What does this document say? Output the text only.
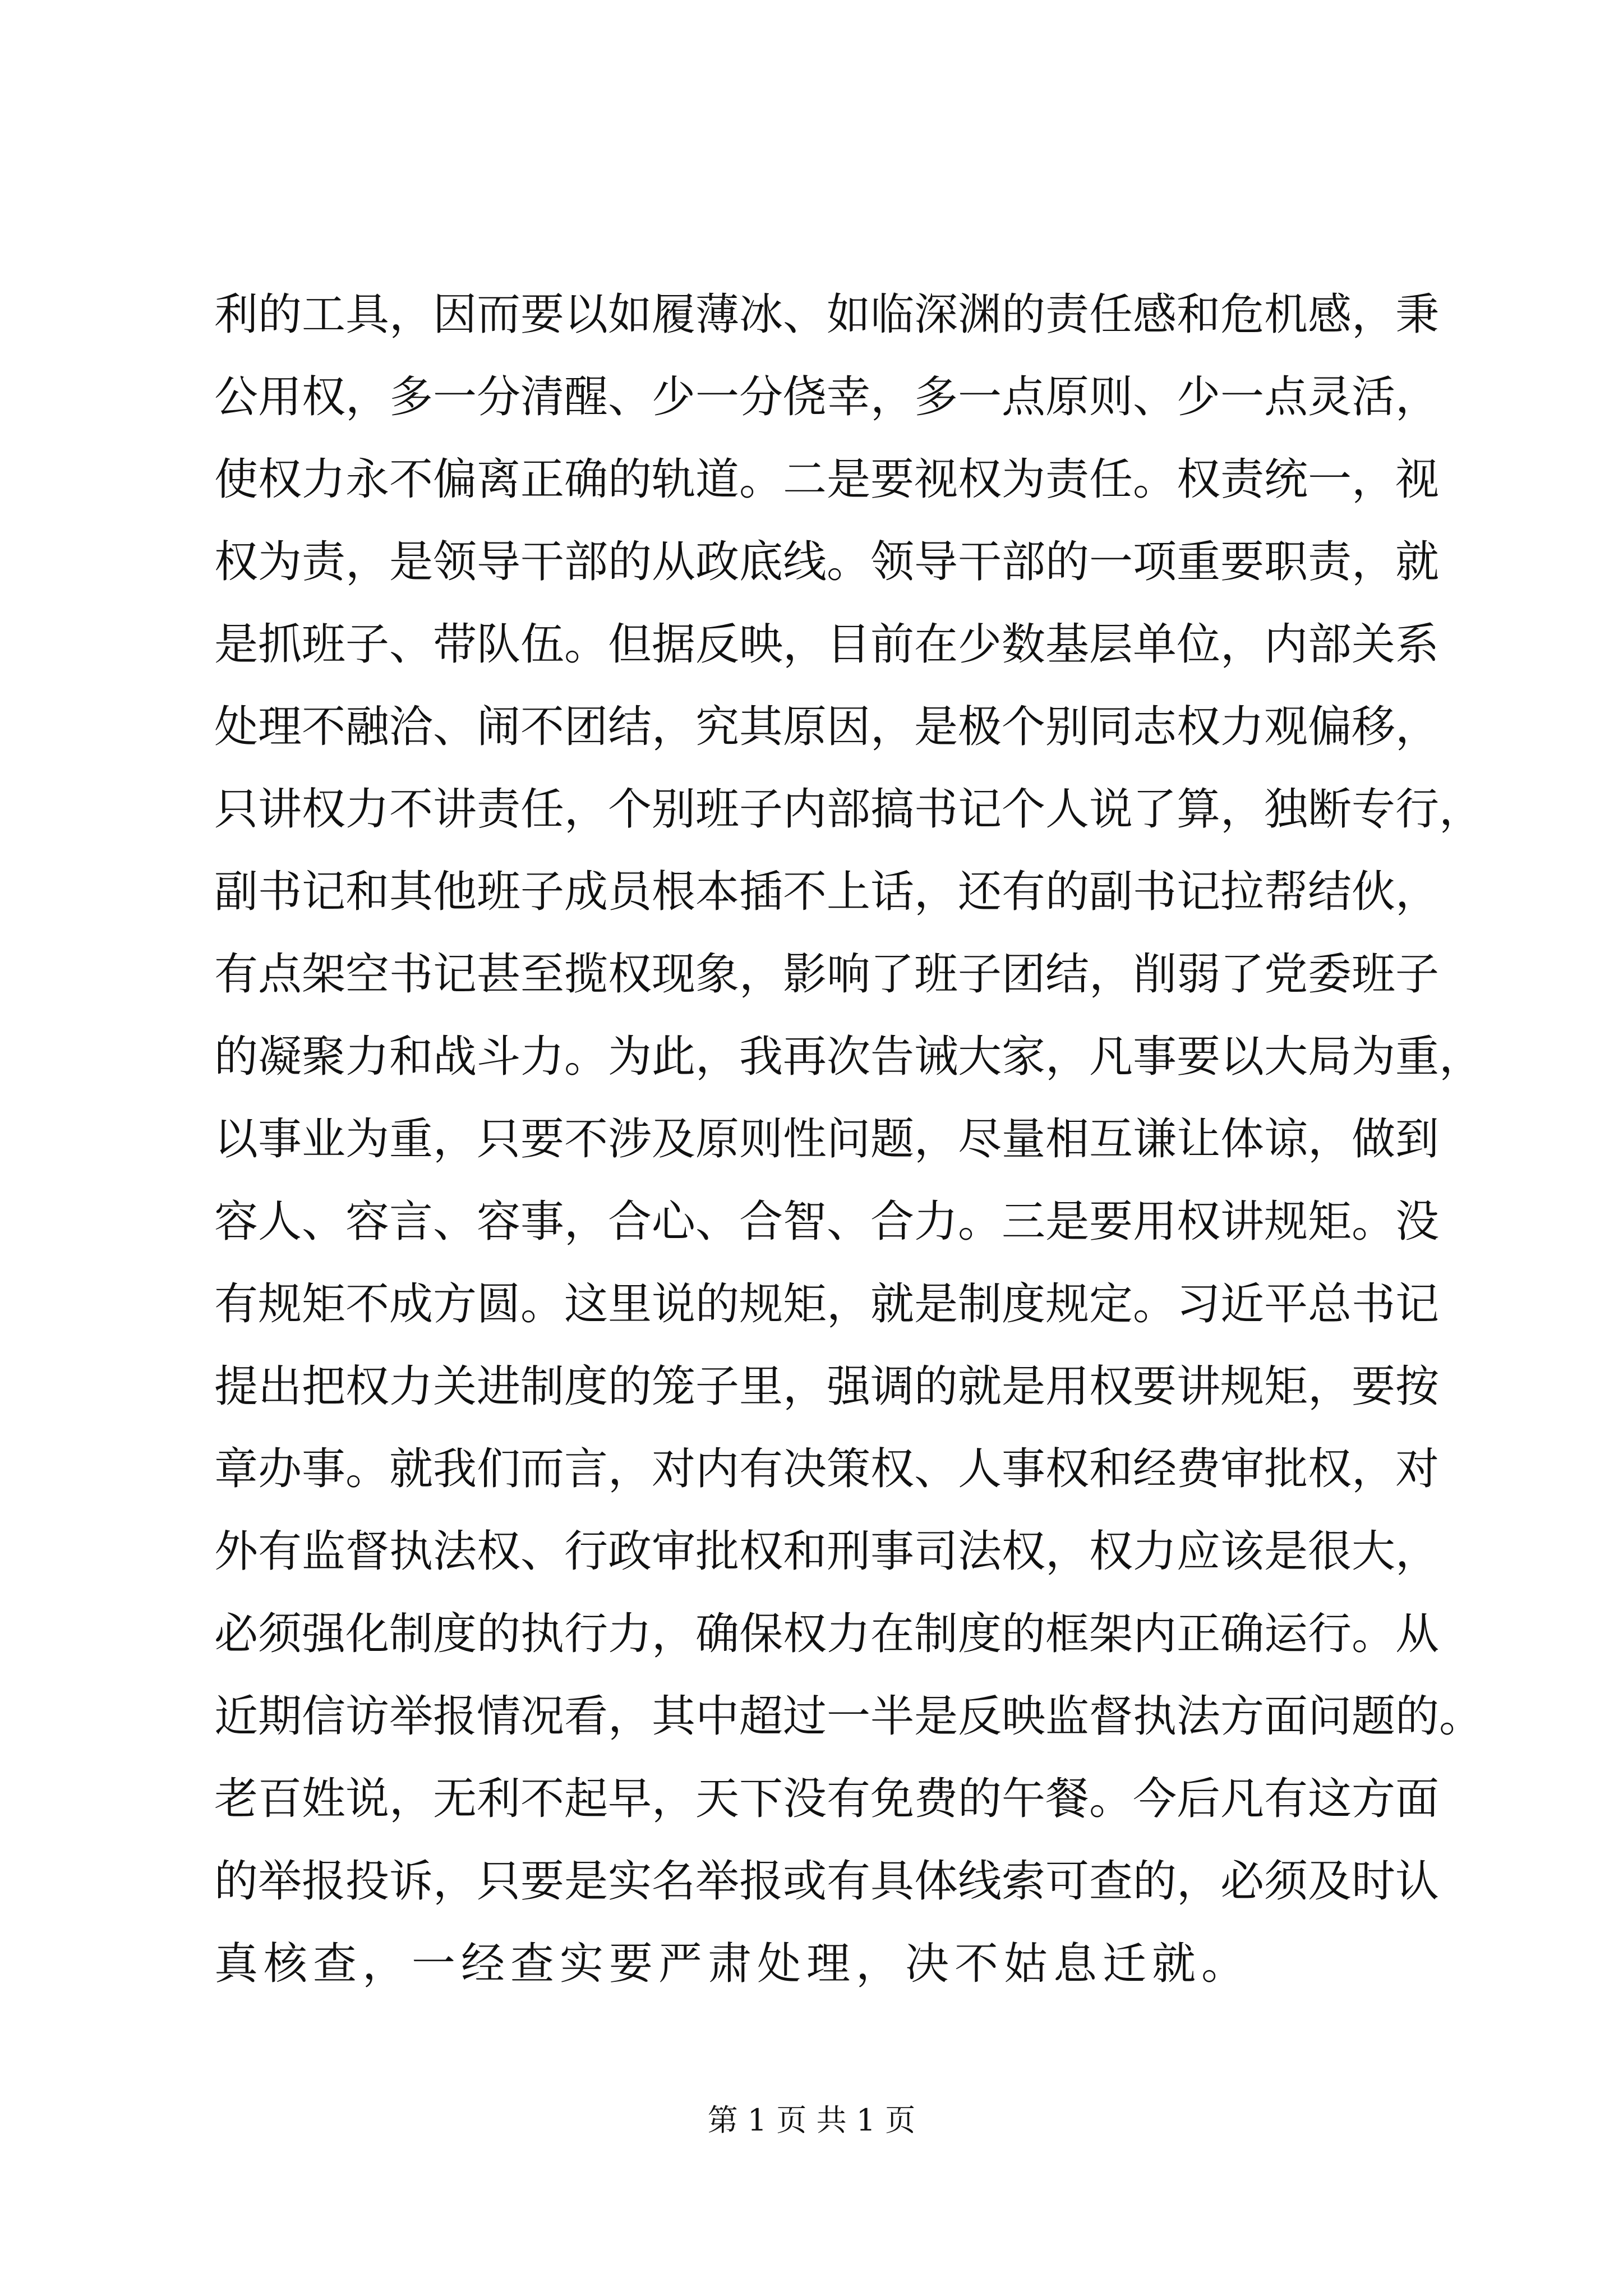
利的工具，因而要以如履薄冰、如临深渊的责任感和危机感，秉
公用权，多一分清醒、少一分侥幸，多一点原则、少一点灵活，
使权力永不偏离正确的轨道。二是要视权为责任。权责统一，视
权为责，是领导干部的从政底线。领导干部的一项重要职责，就
是抓班子、带队伍。但据反映，目前在少数基层单位，内部关系
处理不融洽、闹不团结，究其原因，是极个别同志权力观偏移，
只讲权力不讲责任，个别班子内部搞书记个人说了算，独断专行，
副书记和其他班子成员根本插不上话，还有的副书记拉帮结伙，
有点架空书记甚至揽权现象，影响了班子团结，削弱了党委班子
的凝聚力和战斗力。为此，我再次告诫大家，凡事要以大局为重，
以事业为重，只要不涉及原则性问题，尽量相互谦让体谅，做到
容人、容言、容事，合心、合智、合力。三是要用权讲规矩。没
有规矩不成方圆。这里说的规矩，就是制度规定。习近平总书记
提出把权力关进制度的笼子里，强调的就是用权要讲规矩，要按
章办事。就我们而言，对内有决策权、人事权和经费审批权，对
外有监督执法权、行政审批权和刑事司法权，权力应该是很大，
必须强化制度的执行力，确保权力在制度的框架内正确运行。从
近期信访举报情况看，其中超过一半是反映监督执法方面问题的。
老百姓说，无利不起早，天下没有免费的午餐。今后凡有这方面
的举报投诉，只要是实名举报或有具体线索可查的，必须及时认
真核查，一经查实要严肃处理，决不姑息迁就。
第 1 页 共 1 页
